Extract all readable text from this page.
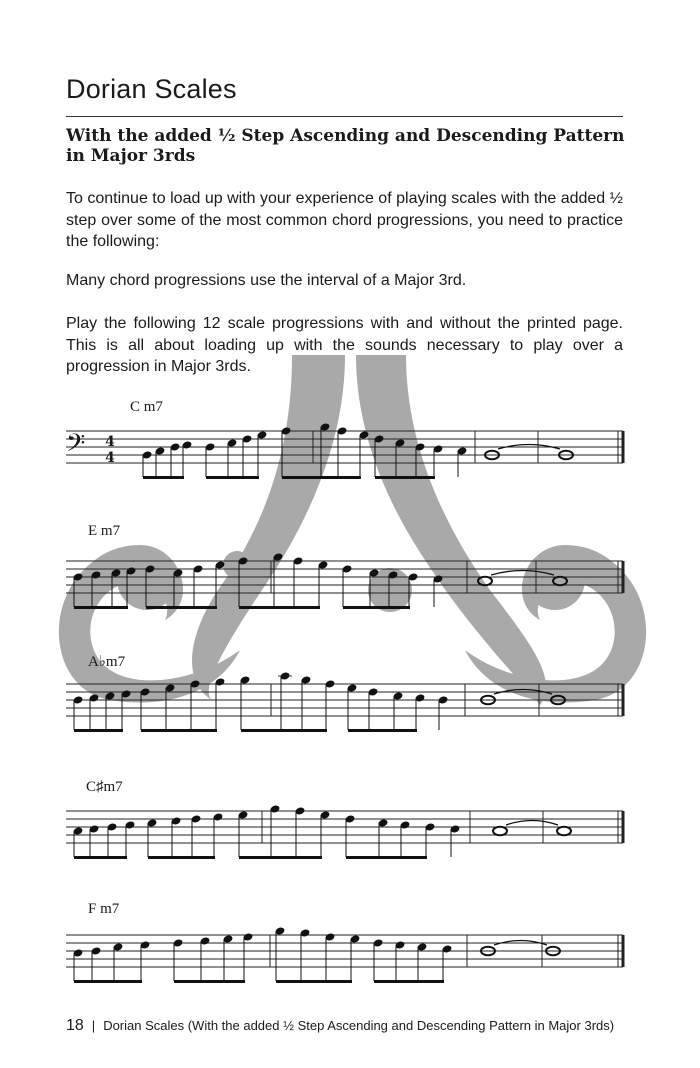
Dorian Scales
With the added ½ Step Ascending and Descending Pattern in Major 3rds
To continue to load up with your experience of playing scales with the added ½ step over some of the most common chord progressions, you need to practice the following:
Many chord progressions use the interval of a Major 3rd.
Play the following 12 scale progressions with and without the printed page. This is all about loading up with the sounds necessary to play over a progression in Major 3rds.
C m7
𝄢 4
4
E m7
A♭m7
C♯m7
F m7
18 | Dorian Scales (With the added ½ Step Ascending and Descending Pattern in Major 3rds)
